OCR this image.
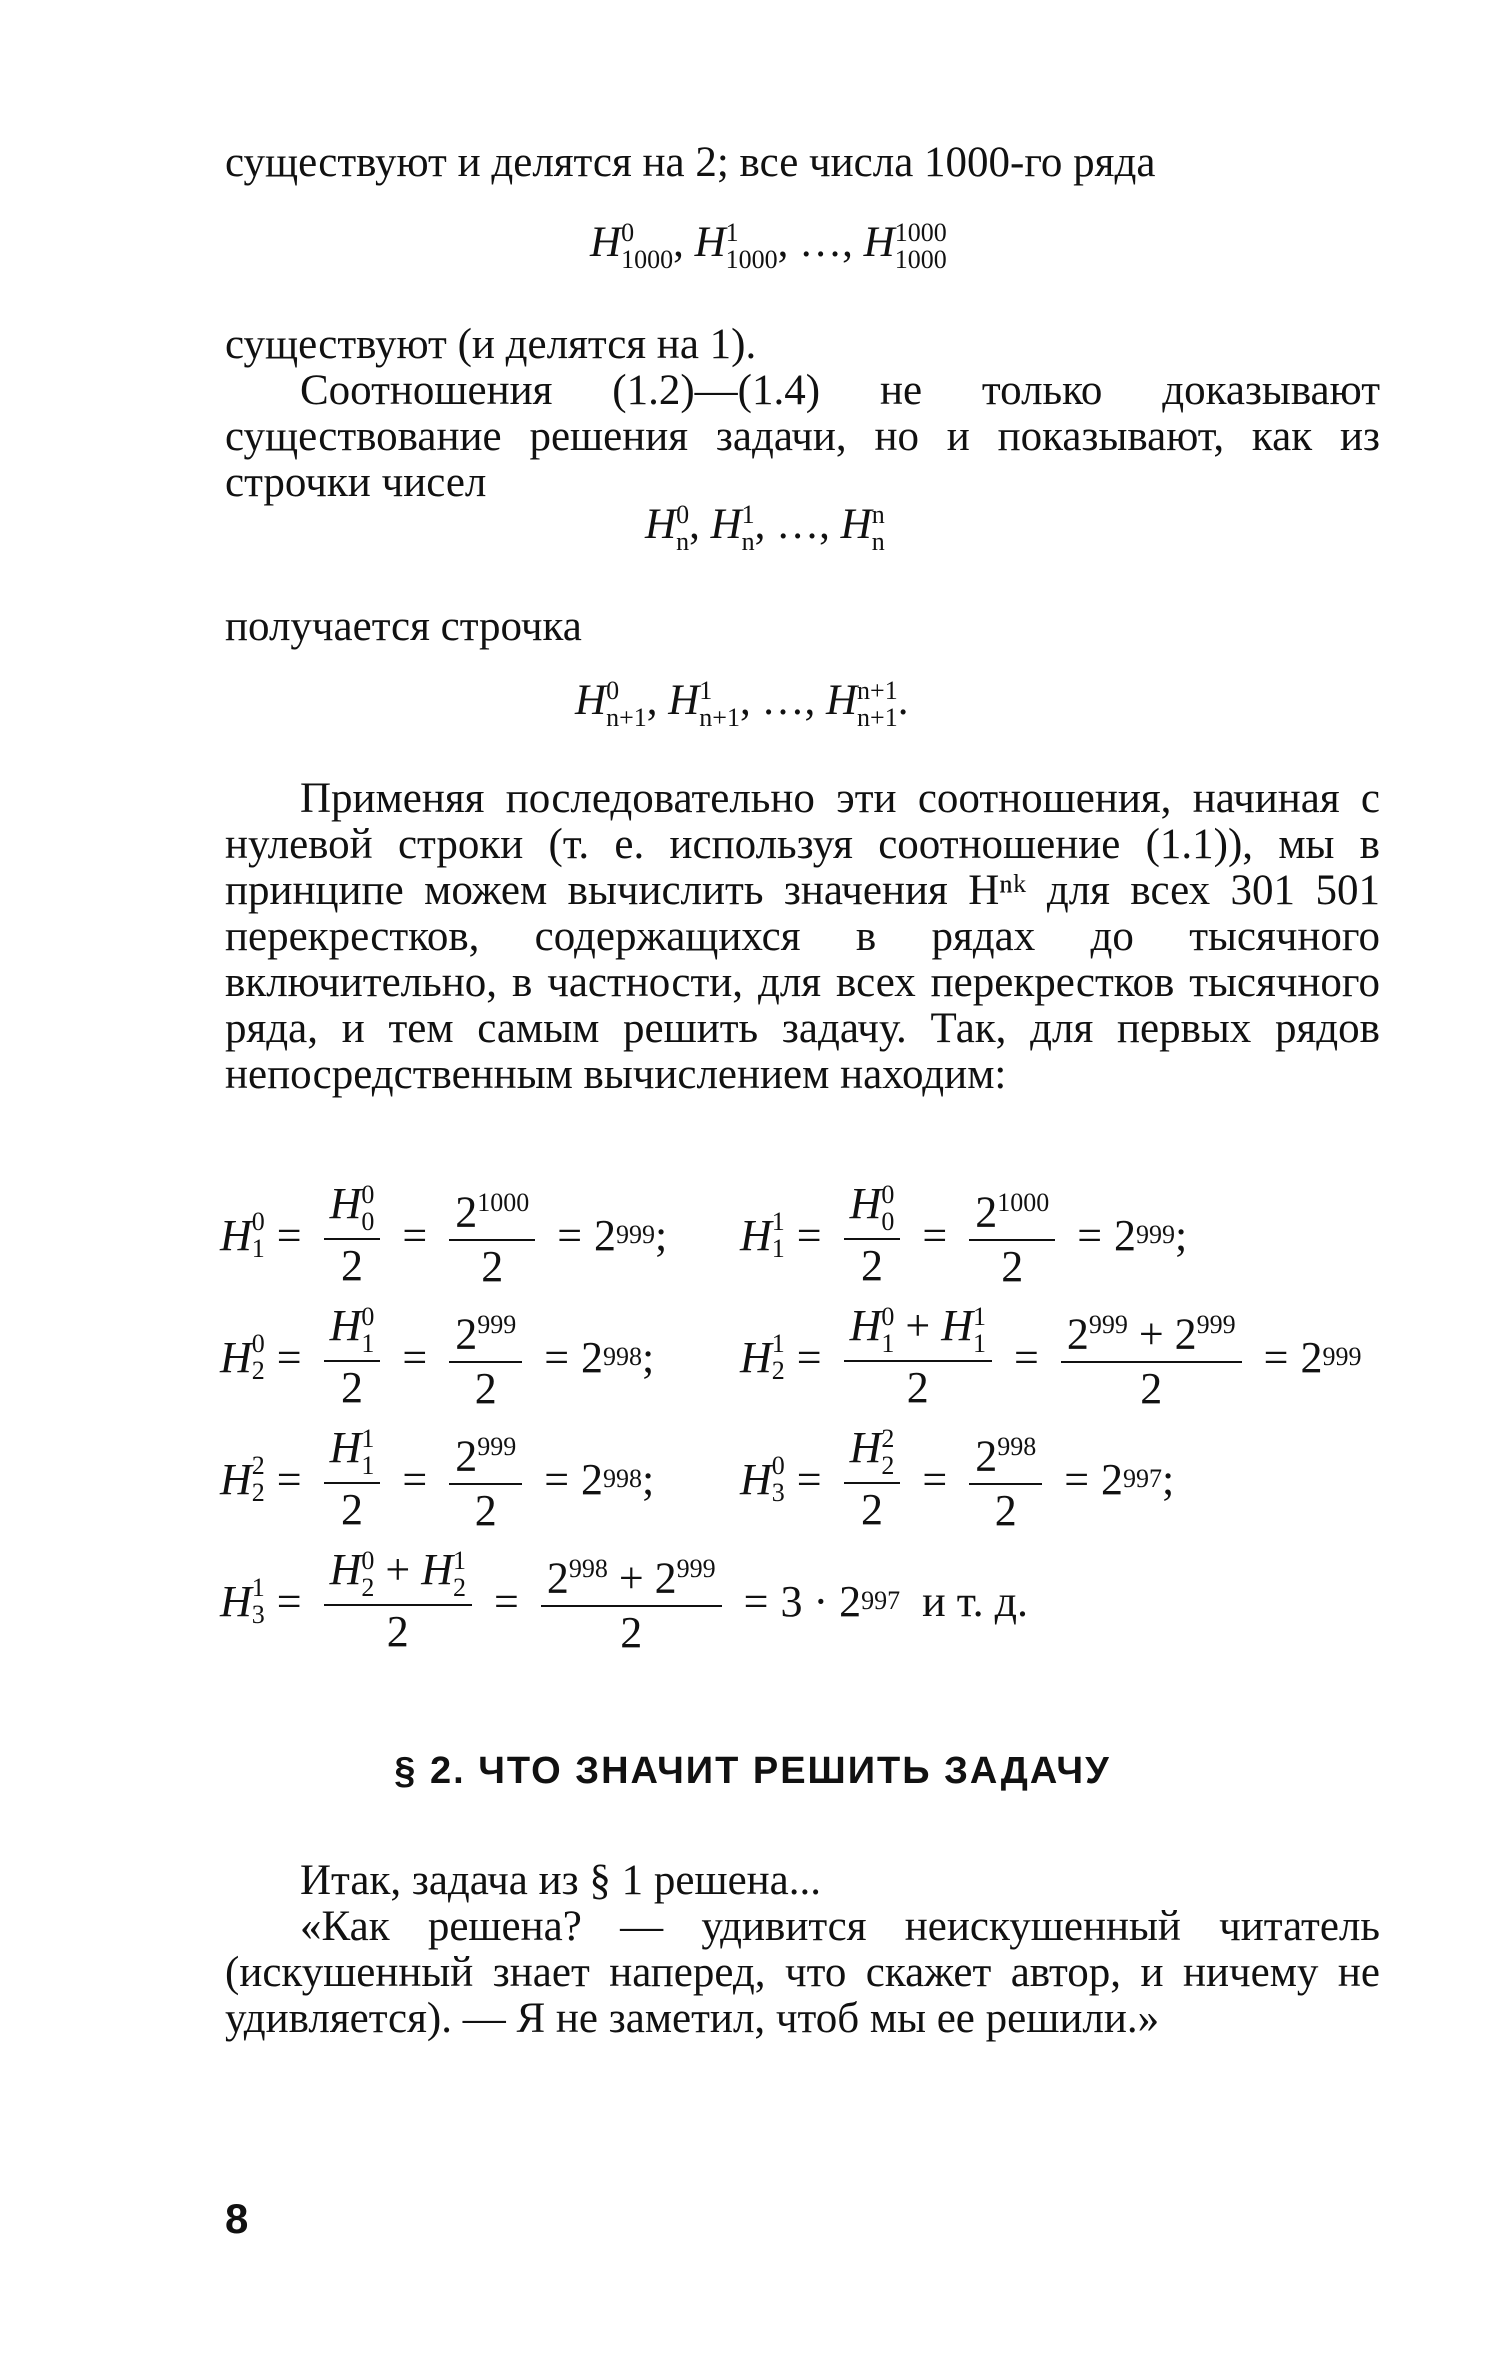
существуют и делятся на 2; все числа 1000-го ряда
H 0
1000 , H 1
1000 , …, H 1000
1000
существуют (и делятся на 1).
Соотношения (1.2)—(1.4) не только доказывают существование решения задачи, но и показывают, как из строчки чисел
H 0
n , H 1
n , …, H n
n
получается строчка
H 0
n+1 , H 1
n+1 , …, H n+1
n+1 .
Применяя последовательно эти соотношения, начиная с нулевой строки (т. е. используя соотношение (1.1)), мы в принципе можем вычислить значения Hⁿᵏ для всех 301 501 перекрестков, содержащихся в рядах до тысячного включительно, в частности, для всех перекрестков тысячного ряда, и тем самым решить задачу. Так, для первых рядов непосредственным вычислением находим:
H 0
1 = H 0
0
$2 = \frac{2^{1000}}{2} = 2$ 999 ; H 1
1 = H 0
0
$2 = \frac{2^{1000}}{2} = 2$ 999 ;
H 0
2 = H 0
1
$2 = \frac{2^{999}}{2} = 2$ 998 ; H 1
2 = H 0
1 + H 1
1
$2 = \frac{2^{999} + 2^{999}}{2} = 2$ 999
H 2
2 = H 1
1
$2 = \frac{2^{999}}{2} = 2$ 998 ; H 0
3 = H 2
2
$2 = \frac{2^{998}}{2} = 2$ 997 ;
H 1
3 = H 0
2 + H 1
2
$2 = \frac{2^{998} + 2^{999}}{2} = 3 \cdot 2$ 997 и т. д.
§ 2. ЧТО ЗНАЧИТ РЕШИТЬ ЗАДАЧУ
Итак, задача из § 1 решена...
«Как решена? — удивится неискушенный читатель (искушенный знает наперед, что скажет автор, и ничему не удивляется). — Я не заметил, чтоб мы ее решили.»
8
